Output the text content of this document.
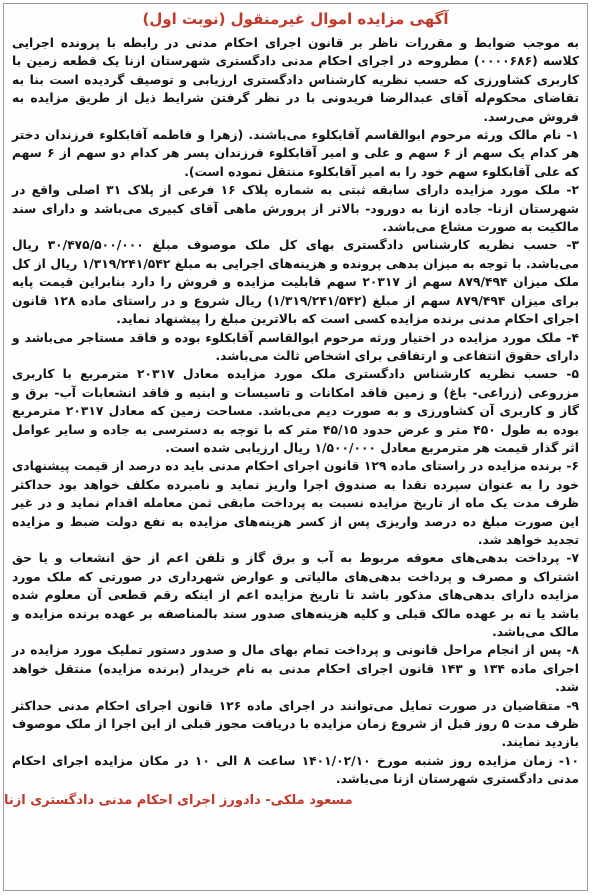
آگهی مزایده اموال غیرمنقول (نوبت اول)

به موجب ضوابط و مقررات ناظر بر قانون اجرای احکام مدنی در رابطه با پرونده اجرایی کلاسه (۰۰۰۰۶۸۶) مطروحه در اجرای احکام مدنی دادگستری شهرستان ازنا یک قطعه زمین با کاربری کشاورزی که حسب نظریه کارشناس دادگستری ارزیابی و توصیف گردیده است بنا به تقاضای محکوم‌له آقای عبدالرضا فریدونی با در نظر گرفتن شرایط ذیل از طریق مزایده به فروش می‌رسد.

۱- نام مالک ورثه مرحوم ابوالقاسم آقابکلوء می‌باشند. (زهرا و فاطمه آقابکلوء فرزندان دختر هر کدام یک سهم از ۶ سهم و علی و امیر آقابکلوء فرزندان پسر هر کدام دو سهم از ۶ سهم که علی آقابکلوء سهم خود را به امیر آقابکلوء منتقل نموده است).

۲- ملک مورد مزایده دارای سابقه ثبتی به شماره پلاک ۱۶ فرعی از پلاک ۳۱ اصلی واقع در شهرستان ازنا- جاده ازنا به دورود- بالاتر از پرورش ماهی آقای کبیری می‌باشد و دارای سند مالکیت به صورت مشاع می‌باشد.

۳- حسب نظریه کارشناس دادگستری بهای کل ملک موصوف مبلغ ۳۰/۴۷۵/۵۰۰/۰۰۰ ریال می‌باشد. با توجه به میزان بدهی پرونده و هزینه‌های اجرایی به مبلغ ۱/۳۱۹/۲۴۱/۵۴۲ ریال از کل ملک میزان ۸۷۹/۴۹۴ سهم از ۲۰۳۱۷ سهم قابلیت مزایده و فروش را دارد بنابراین قیمت پایه برای میزان ۸۷۹/۴۹۴ سهم از مبلغ (۱/۳۱۹/۲۴۱/۵۴۲) ریال شروع و در راستای ماده ۱۲۸ قانون اجرای احکام مدنی برنده مزایده کسی است که بالاترین مبلغ را پیشنهاد نماید.

۴- ملک مورد مزایده در اختیار ورثه مرحوم ابوالقاسم آقابکلوء بوده و فاقد مستاجر می‌باشد و دارای حقوق انتفاعی و ارتفاقی برای اشخاص ثالث می‌باشد.

۵- حسب نظریه کارشناس دادگستری ملک مورد مزایده معادل ۲۰۳۱۷ مترمربع با کاربری مزروعی (زراعی- باغ) و زمین فاقد امکانات و تاسیسات و ابنیه و فاقد انشعابات آب- برق و گاز و کاربری آن کشاورزی و به صورت دیم می‌باشد. مساحت زمین که معادل ۲۰۳۱۷ مترمربع بوده به طول ۴۵۰ متر و عرض حدود ۴۵/۱۵ متر که با توجه به دسترسی به جاده و سایر عوامل اثر گذار قیمت هر مترمربع معادل ۱/۵۰۰/۰۰۰ ریال ارزیابی شده است.

۶- برنده مزایده در راستای ماده ۱۲۹ قانون اجرای احکام مدنی باید ده درصد از قیمت پیشنهادی خود را به عنوان سپرده نقدا به صندوق اجرا واریز نماید و نامبرده مکلف خواهد بود حداکثر ظرف مدت یک ماه از تاریخ مزایده نسبت به پرداخت مابقی ثمن معامله اقدام نماید و در غیر این صورت مبلغ ده درصد واریزی پس از کسر هزینه‌های مزایده به نفع دولت ضبط و مزایده تجدید خواهد شد.

۷- پرداخت بدهی‌های معوقه مربوط به آب و برق گاز و تلفن اعم از حق انشعاب و یا حق اشتراک و مصرف و پرداخت بدهی‌های مالیاتی و عوارض شهرداری در صورتی که ملک مورد مزایده دارای بدهی‌های مذکور باشد تا تاریخ مزایده اعم از اینکه رقم قطعی آن معلوم شده باشد یا نه بر عهده مالک قبلی و کلیه هزینه‌های صدور سند بالمناصفه بر عهده برنده مزایده و مالک می‌باشد.

۸- پس از انجام مراحل قانونی و پرداخت تمام بهای مال و صدور دستور تملیک مورد مزایده در اجرای ماده ۱۳۴ و ۱۴۳ قانون اجرای احکام مدنی به نام خریدار (برنده مزایده) منتقل خواهد شد.

۹- متقاضیان در صورت تمایل می‌توانند در اجرای ماده ۱۲۶ قانون اجرای احکام مدنی حداکثر ظرف مدت ۵ روز قبل از شروع زمان مزایده با دریافت مجوز قبلی از این اجرا از ملک موصوف بازدید نمایند.

۱۰- زمان مزایده روز شنبه مورخ ۱۴۰۱/۰۲/۱۰ ساعت ۸ الی ۱۰ در مکان مزایده اجرای احکام مدنی دادگستری شهرستان ازنا می‌باشد.

مسعود ملکی- دادورز اجرای احکام مدنی دادگستری ازنا
